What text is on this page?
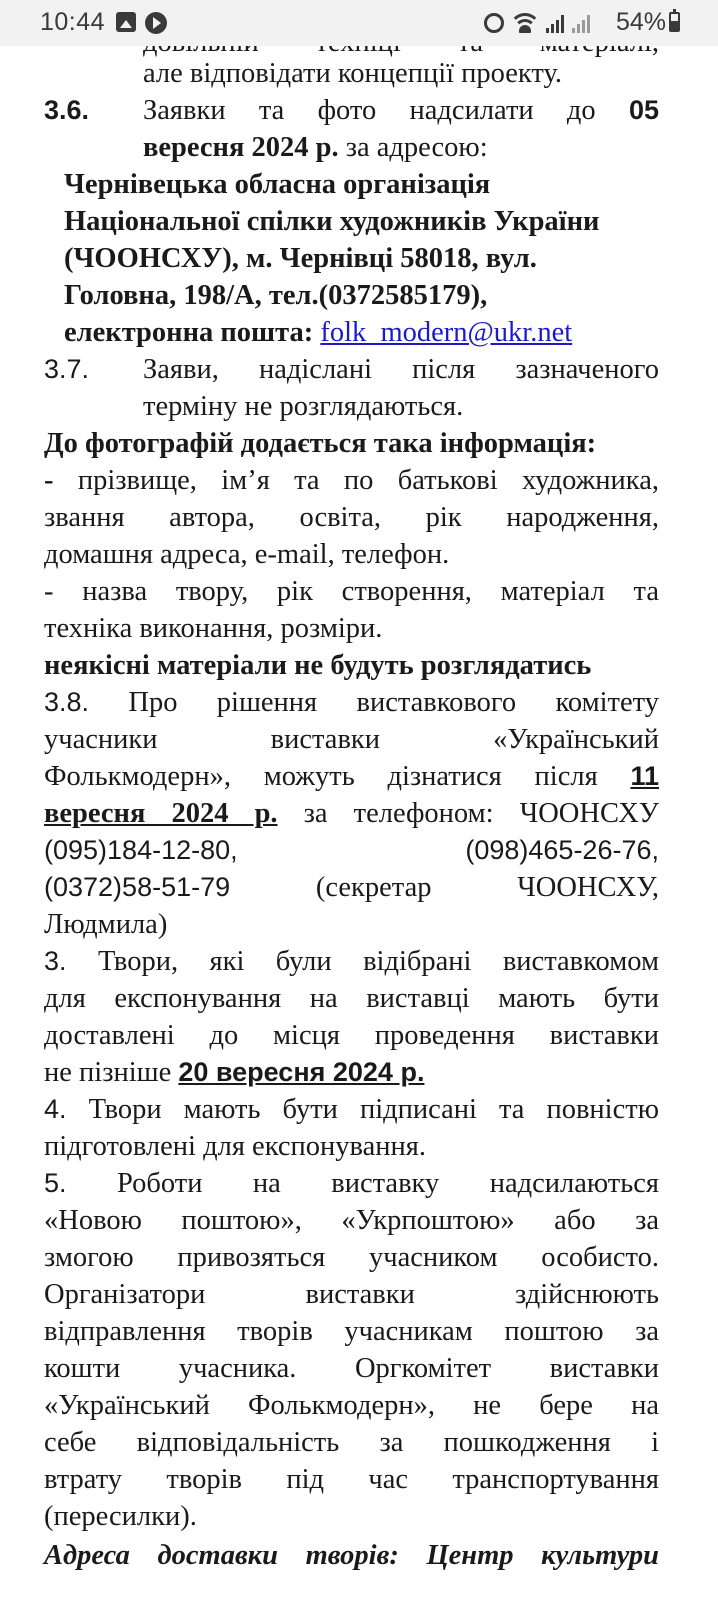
10:44	54%
але відповідати концепції проекту.
3.6. Заявки та фото надсилати до 05
вересня 2024 р. за адресою:
Чернівецька обласна організація
Національної спілки художників України
(ЧООНСХУ), м. Чернівці 58018, вул.
Головна, 198/А, тел.(0372585179),
електронна пошта: folk_modern@ukr.net
3.7. Заяви, надіслані після зазначеного
терміну не розглядаються.
До фотографій додається така інформація:
- прізвище, ім’я та по батькові художника,
звання автора, освіта, рік народження,
домашня адреса, e-mail, телефон.
- назва твору, рік створення, матеріал та
техніка виконання, розміри.
неякісні матеріали не будуть розглядатись
3.8. Про рішення виставкового комітету
учасники виставки «Український
Фолькмодерн», можуть дізнатися після 11
вересня 2024 р. за телефоном: ЧООНСХУ
(095)184-12-80,	(098)465-26-76,
(0372)58-51-79	(секретар ЧООНСХУ,
Людмила)
3. Твори, які були відібрані виставкомом
для експонування на виставці мають бути
доставлені до місця проведення виставки
не пізніше 20 вересня 2024 р.
4. Твори мають бути підписані та повністю
підготовлені для експонування.
5. Роботи на виставку надсилаються
«Новою поштою», «Укрпоштою» або за
змогою привозяться учасником особисто.
Організатори виставки здійснюють
відправлення творів учасникам поштою за
кошти учасника. Оргкомітет виставки
«Український Фолькмодерн», не бере на
себе відповідальність за пошкодження і
втрату творів під час транспортування
(пересилки).
Адреса доставки творів: Центр культури
